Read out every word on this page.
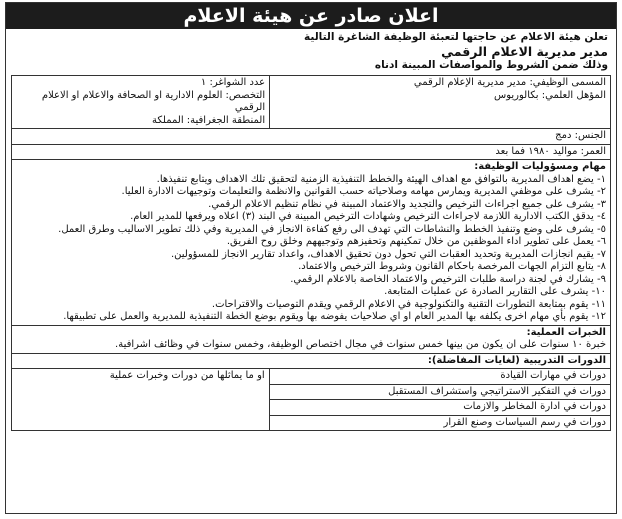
اعلان صادر عن هيئة الاعلام
تعلن هيئة الاعلام عن حاجتها لتعبئة الوظيفة الشاغرة التالية
مدير مديرية الاعلام الرقمي
وذلك ضمن الشروط والمواصفات المبينة ادناه
المسمى الوظيفي: مدير مديرية الإعلام الرقمي
المؤهل العلمي: بكالوريوس
عدد الشواغر: ١
التخصص: العلوم الادارية او الصحافة والاعلام او الاعلام الرقمي
المنطقة الجغرافية: المملكة
الجنس: دمج
العمر: مواليد ١٩٨٠ فما بعد
مهام ومسؤوليات الوظيفة:
١- يضع اهداف المديرية بالتوافق مع اهداف الهيئة والخطط التنفيذية الزمنية لتحقيق تلك الاهداف ويتابع تنفيذها.
٢- يشرف على موظفي المديرية ويمارس مهامه وصلاحياته حسب القوانين والانظمة والتعليمات وتوجيهات الادارة العليا.
٣- يشرف على جميع اجراءات الترخيص والتجديد والاعتماد المبينة في نظام تنظيم الاعلام الرقمي.
٤- يدقق الكتب الادارية اللازمة لاجراءات الترخيص وشهادات الترخيص المبينة في البند (٣) اعلاه ويرفعها للمدير العام.
٥- يشرف على وضع وتنفيذ الخطط والنشاطات التي تهدف الى رفع كفاءة الانجاز في المديرية وفي ذلك تطوير الاساليب وطرق العمل.
٦- يعمل على تطوير اداء الموظفين من خلال تمكينهم وتحفيزهم وتوجيههم وخلق روح الفريق.
٧- يقيم انجازات المديرية وتحديد العقبات التي تحول دون تحقيق الاهداف، واعداد تقارير الانجاز للمسؤولين.
٨- يتابع التزام الجهات المرخصة باحكام القانون وشروط الترخيص والاعتماد.
٩- يشارك في لجنة دراسة طلبات الترخيص والاعتماد الخاصة بالاعلام الرقمي.
١٠- يشرف على التقارير الصادرة عن عمليات المتابعة.
١١- يقوم بمتابعة التطورات التقنية والتكنولوجية في الاعلام الرقمي ويقدم التوصيات والاقتراحات.
١٢- يقوم بأي مهام اخرى يكلفه بها المدير العام او اي صلاحيات يفوضه بها ويقوم بوضع الخطة التنفيذية للمديرية والعمل على تطبيقها.
الخبرات العملية:
خبرة ١٠ سنوات على ان يكون من بينها خمس سنوات في مجال اختصاص الوظيفة، وخمس سنوات في وظائف اشرافية.
الدورات التدريبية (لغايات المفاضلة):
دورات في مهارات القيادة
دورات في التفكير الاستراتيجي واستشراف المستقبل
دورات في ادارة المخاطر والازمات
دورات في رسم السياسات وصنع القرار
او ما يماثلها من دورات وخبرات عملية
